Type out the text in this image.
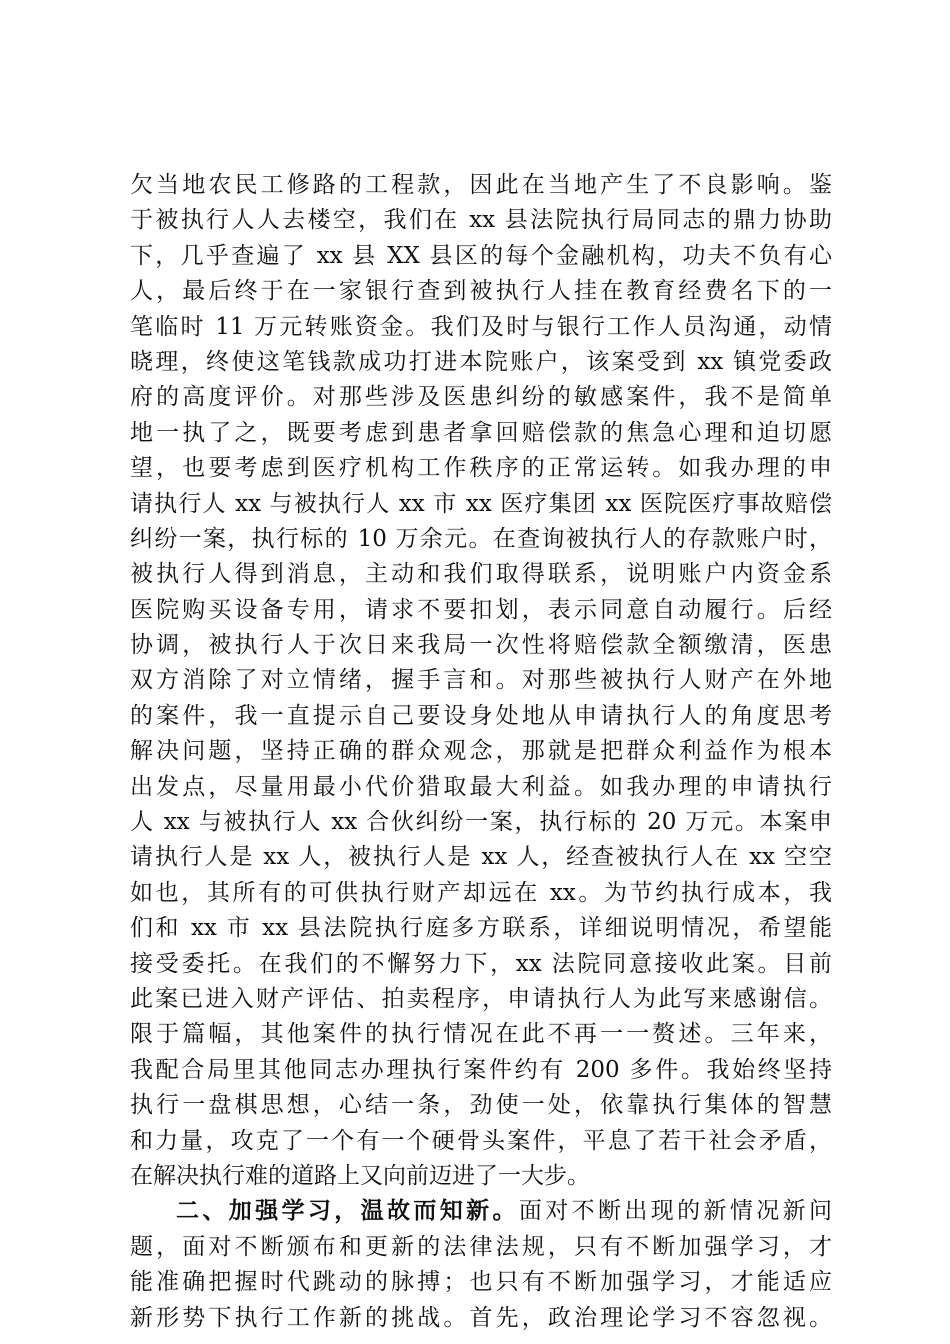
欠当地农民工修路的工程款，因此在当地产生了不良影响。鉴
于被执行人人去楼空，我们在 xx 县法院执行局同志的鼎力协助
下，几乎查遍了 xx 县 XX 县区的每个金融机构，功夫不负有心
人，最后终于在一家银行查到被执行人挂在教育经费名下的一
笔临时 11 万元转账资金。我们及时与银行工作人员沟通，动情
晓理，终使这笔钱款成功打进本院账户，该案受到 xx 镇党委政
府的高度评价。对那些涉及医患纠纷的敏感案件，我不是简单
地一执了之，既要考虑到患者拿回赔偿款的焦急心理和迫切愿
望，也要考虑到医疗机构工作秩序的正常运转。如我办理的申
请执行人 xx 与被执行人 xx 市 xx 医疗集团 xx 医院医疗事故赔偿
纠纷一案，执行标的 10 万余元。在查询被执行人的存款账户时，
被执行人得到消息，主动和我们取得联系，说明账户内资金系
医院购买设备专用，请求不要扣划，表示同意自动履行。后经
协调，被执行人于次日来我局一次性将赔偿款全额缴清，医患
双方消除了对立情绪，握手言和。对那些被执行人财产在外地
的案件，我一直提示自己要设身处地从申请执行人的角度思考
解决问题，坚持正确的群众观念，那就是把群众利益作为根本
出发点，尽量用最小代价猎取最大利益。如我办理的申请执行
人 xx 与被执行人 xx 合伙纠纷一案，执行标的 20 万元。本案申
请执行人是 xx 人，被执行人是 xx 人，经查被执行人在 xx 空空
如也，其所有的可供执行财产却远在 xx。为节约执行成本，我
们和 xx 市 xx 县法院执行庭多方联系，详细说明情况，希望能
接受委托。在我们的不懈努力下，xx 法院同意接收此案。目前
此案已进入财产评估、拍卖程序，申请执行人为此写来感谢信。
限于篇幅，其他案件的执行情况在此不再一一赘述。三年来，
我配合局里其他同志办理执行案件约有 200 多件。我始终坚持
执行一盘棋思想，心结一条，劲使一处，依靠执行集体的智慧
和力量，攻克了一个有一个硬骨头案件，平息了若干社会矛盾，
在解决执行难的道路上又向前迈进了一大步。
二、加强学习，温故而知新。面对不断出现的新情况新问
题，面对不断颁布和更新的法律法规，只有不断加强学习，才
能准确把握时代跳动的脉搏；也只有不断加强学习，才能适应
新形势下执行工作新的挑战。首先，政治理论学习不容忽视。
